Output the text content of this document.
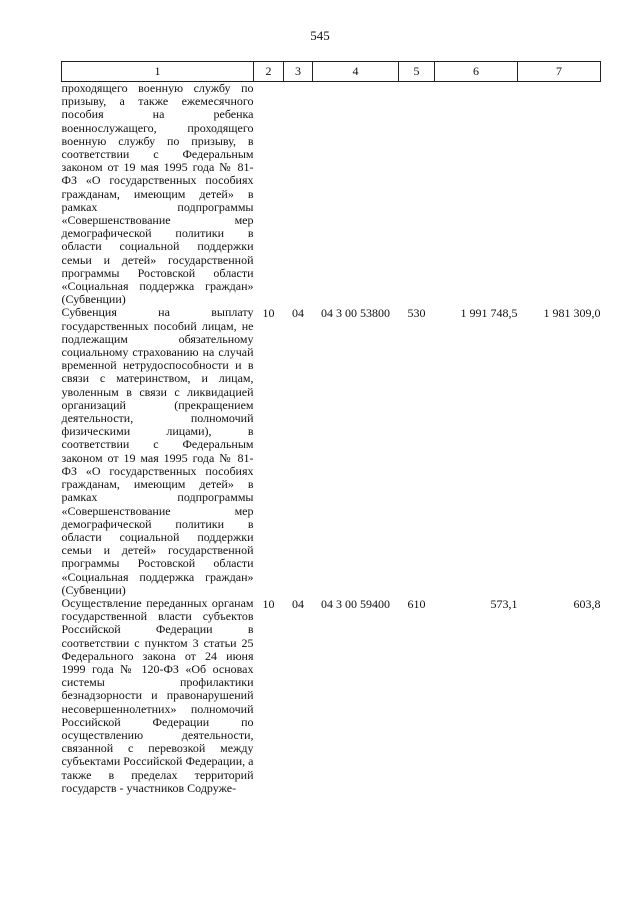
545
1	2	3	4	5	6	7
проходящего военную службу по призыву, а также ежемесячного пособия на ребенка военнослужащего, проходящего военную службу по призыву, в соответствии с Федеральным законом от 19 мая 1995 года № 81-ФЗ «О государственных пособиях гражданам, имеющим детей» в рамках подпрограммы «Совершенствование мер демографической политики в области социальной поддержки семьи и детей» государственной программы Ростовской области «Социальная поддержка граждан» (Субвенции)						
Субвенция на выплату государственных пособий лицам, не подлежащим обязательному социальному страхованию на случай временной нетрудоспособности и в связи с материнством, и лицам, уволенным в связи с ликвидацией организаций (прекращением деятельности, полномочий физическими лицами), в соответствии с Федеральным законом от 19 мая 1995 года № 81-ФЗ «О государственных пособиях гражданам, имеющим детей» в рамках подпрограммы «Совершенствование мер демографической политики в области социальной поддержки семьи и детей» государственной программы Ростовской области «Социальная поддержка граждан» (Субвенции)	10	04	04 3 00 53800	530	1 991 748,5	1 981 309,0
Осуществление переданных органам государственной власти субъектов Российской Федерации в соответствии с пунктом 3 статьи 25 Федерального закона от 24 июня 1999 года № 120-ФЗ «Об основах системы профилактики безнадзорности и правонарушений несовершеннолетних» полномочий Российской Федерации по осуществлению деятельности, связанной с перевозкой между субъектами Российской Федерации, а также в пределах территорий государств - участников Содруже-	10	04	04 3 00 59400	610	573,1	603,8
